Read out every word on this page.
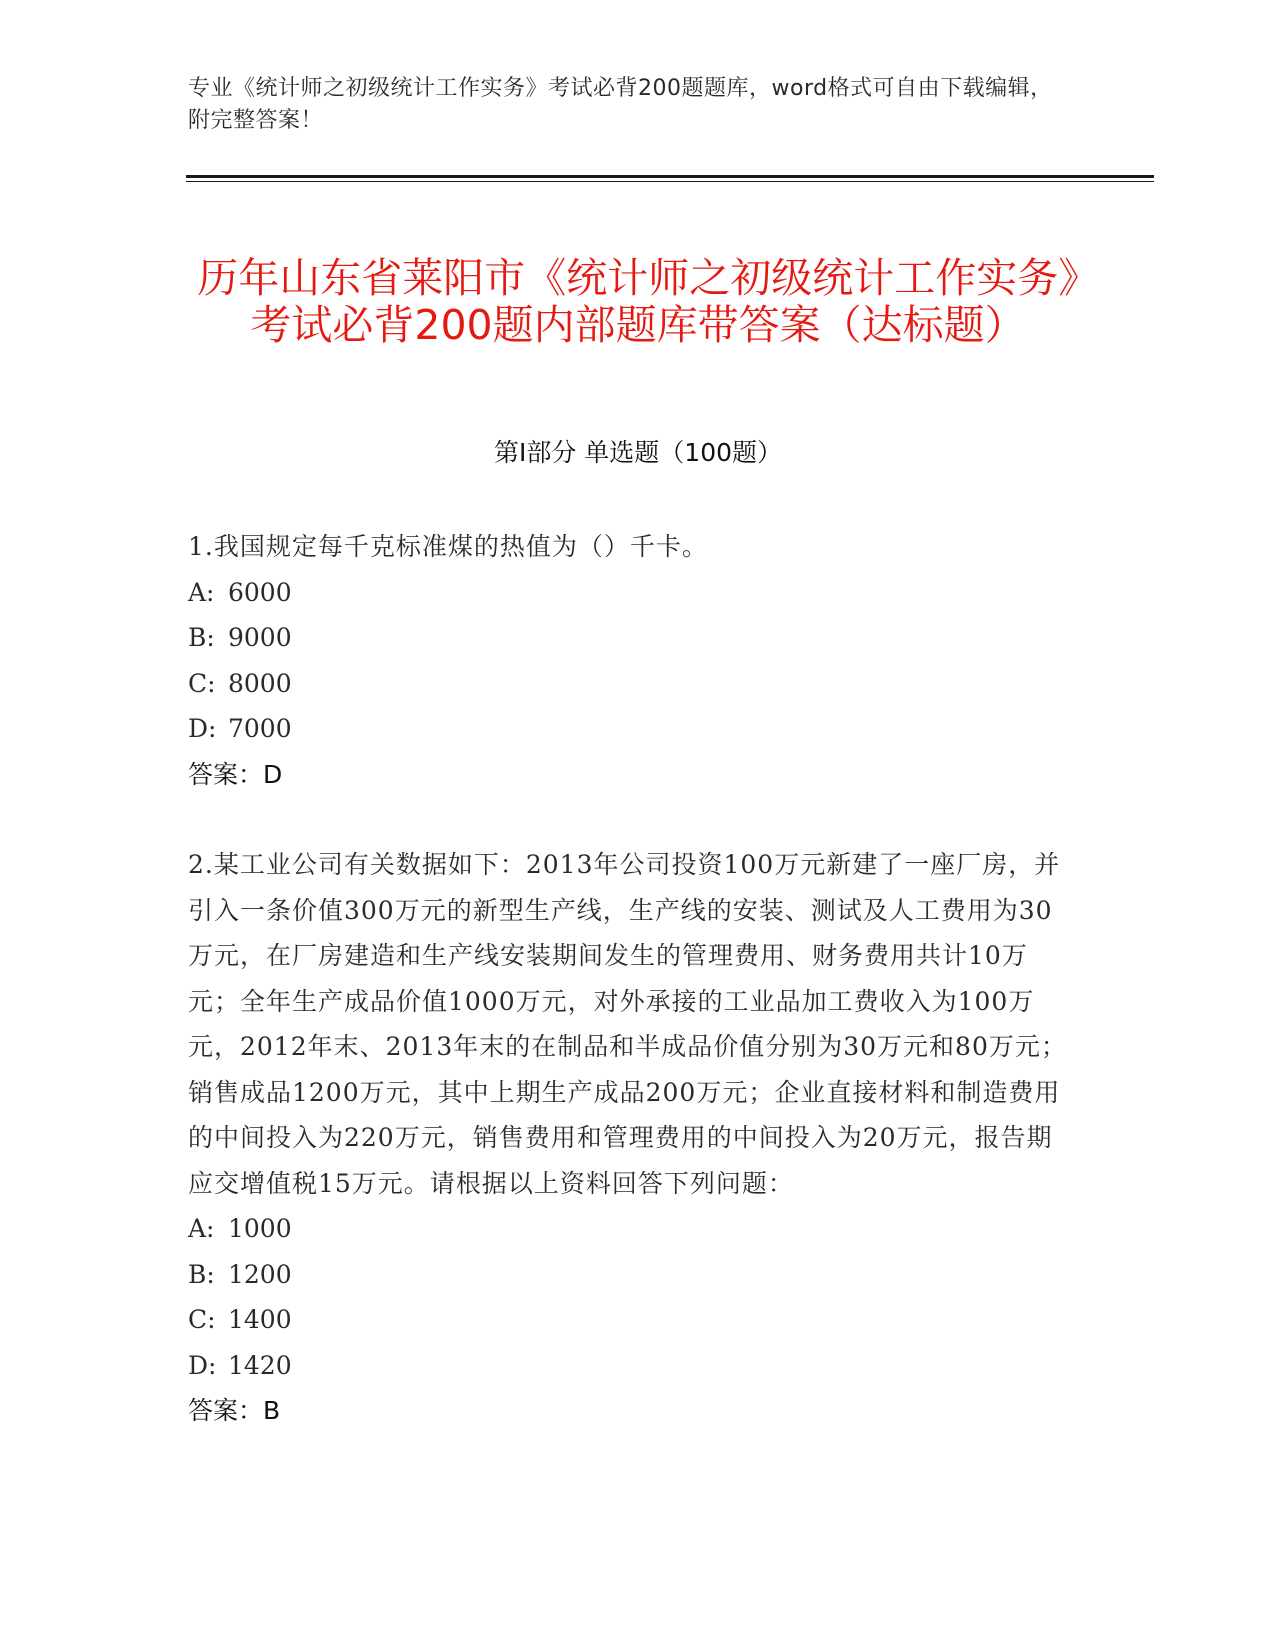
专业《统计师之初级统计工作实务》考试必背200题题库，word格式可自由下载编辑，附完整答案！
历年山东省莱阳市《统计师之初级统计工作实务》考试必背200题内部题库带答案（达标题）
第I部分 单选题（100题）
1.我国规定每千克标准煤的热值为（）千卡。
A: 6000
B: 9000
C: 8000
D: 7000
答案：D
2.某工业公司有关数据如下：2013年公司投资100万元新建了一座厂房，并引入一条价值300万元的新型生产线，生产线的安装、测试及人工费用为30万元，在厂房建造和生产线安装期间发生的管理费用、财务费用共计10万元；全年生产成品价值1000万元，对外承接的工业品加工费收入为100万元，2012年末、2013年末的在制品和半成品价值分别为30万元和80万元；销售成品1200万元，其中上期生产成品200万元；企业直接材料和制造费用的中间投入为220万元，销售费用和管理费用的中间投入为20万元，报告期应交增值税15万元。请根据以上资料回答下列问题：
A: 1000
B: 1200
C: 1400
D: 1420
答案：B
